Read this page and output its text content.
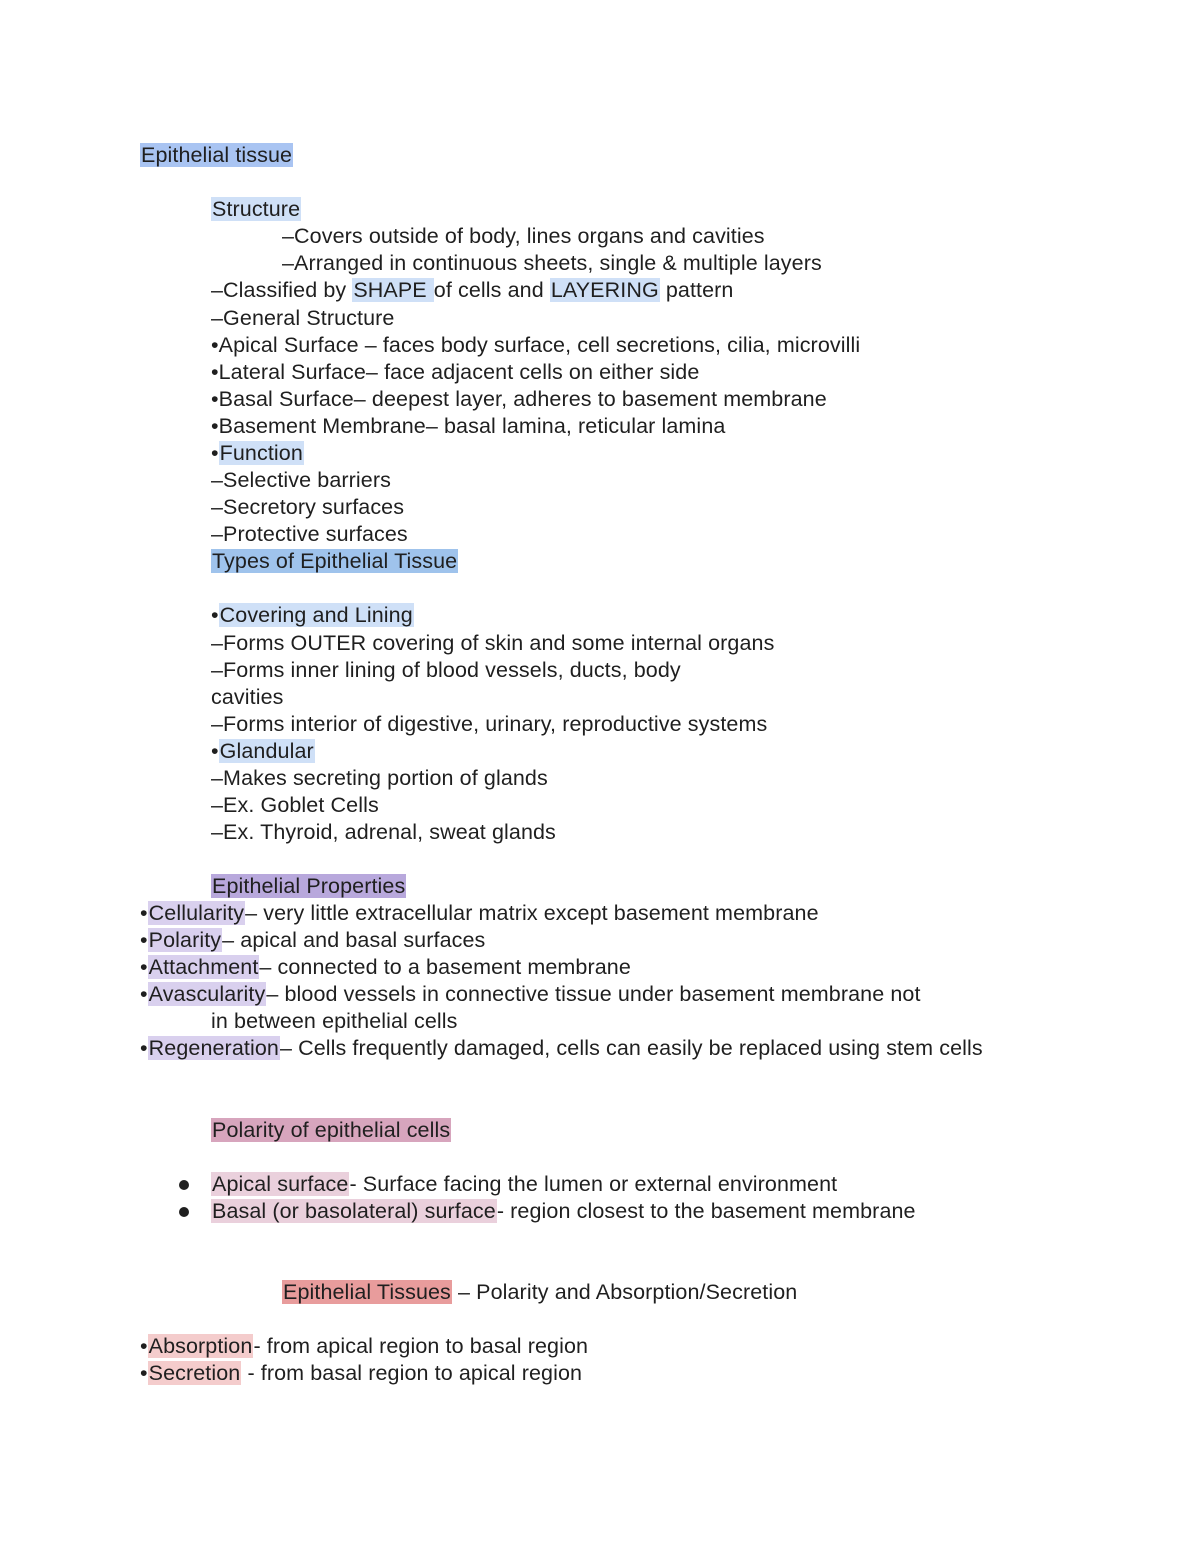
Epithelial tissue
Structure
–Covers outside of body, lines organs and cavities
–Arranged in continuous sheets, single & multiple layers
–Classified by SHAPE of cells and LAYERING pattern
–General Structure
•Apical Surface – faces body surface, cell secretions, cilia, microvilli
•Lateral Surface– face adjacent cells on either side
•Basal Surface– deepest layer, adheres to basement membrane
•Basement Membrane– basal lamina, reticular lamina
•Function
–Selective barriers
–Secretory surfaces
–Protective surfaces
Types of Epithelial Tissue
•Covering and Lining
–Forms OUTER covering of skin and some internal organs
–Forms inner lining of blood vessels, ducts, body
cavities
–Forms interior of digestive, urinary, reproductive systems
•Glandular
–Makes secreting portion of glands
–Ex. Goblet Cells
–Ex. Thyroid, adrenal, sweat glands
Epithelial Properties
•Cellularity– very little extracellular matrix except basement membrane
•Polarity– apical and basal surfaces
•Attachment– connected to a basement membrane
•Avascularity– blood vessels in connective tissue under basement membrane not
in between epithelial cells
•Regeneration– Cells frequently damaged, cells can easily be replaced using stem cells
Polarity of epithelial cells
Apical surface- Surface facing the lumen or external environment
Basal (or basolateral) surface- region closest to the basement membrane
Epithelial Tissues – Polarity and Absorption/Secretion
•Absorption- from apical region to basal region
•Secretion - from basal region to apical region
